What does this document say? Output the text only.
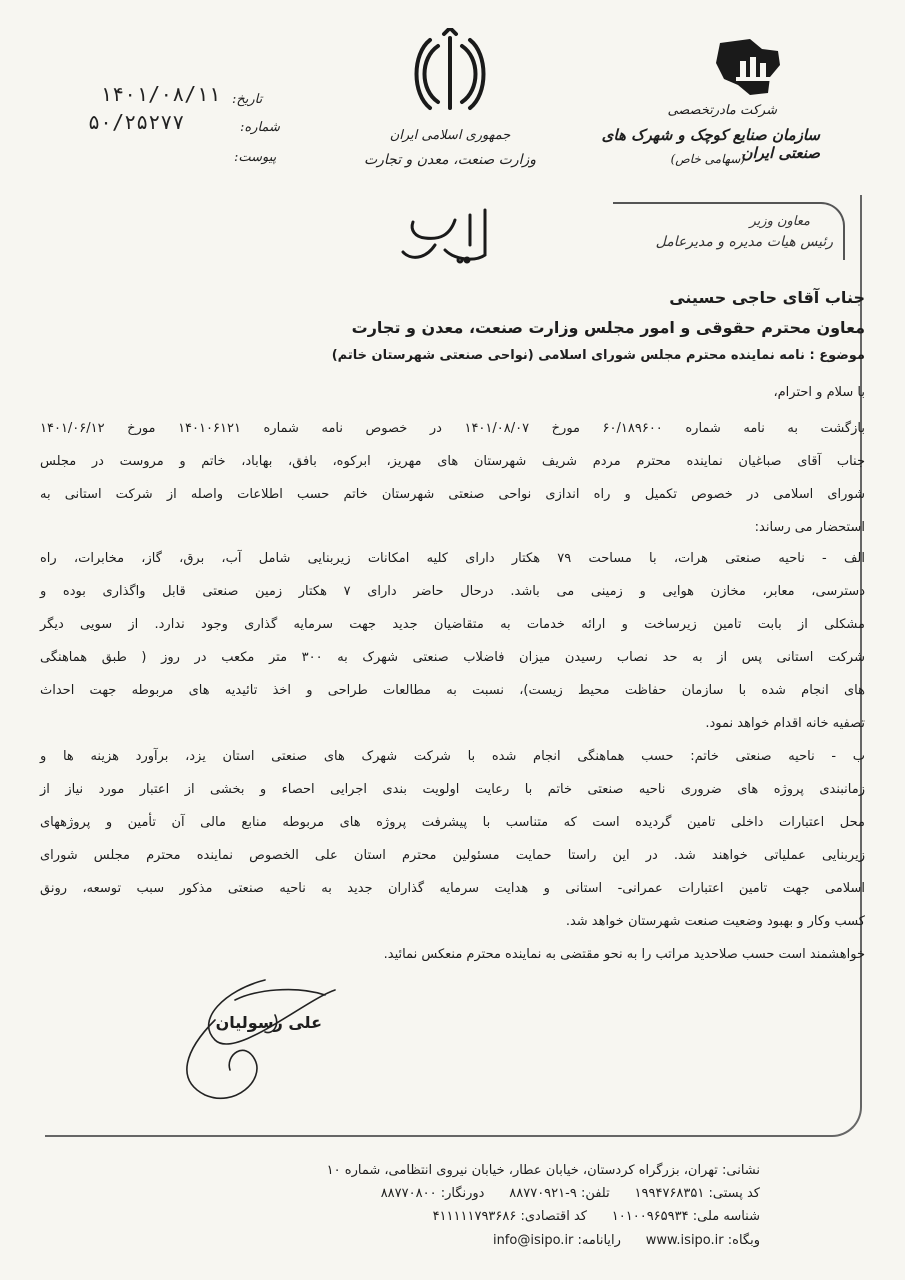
جمهوری اسلامی ایران
وزارت صنعت، معدن و تجارت
شرکت مادرتخصصی
سازمان صنایع کوچک و شهرک های صنعتی ایران
(سهامی خاص)
تاریخ:
شماره:
پیوست:
۱۴۰۱/۰۸/۱۱
۵۰/۲۵۲۷۷
معاون وزیر
رئیس هیات مدیره و مدیرعامل
جناب آقای حاجی حسینی
معاون محترم حقوقی و امور مجلس وزارت صنعت، معدن و تجارت
موضوع : نامه نماینده محترم مجلس شورای اسلامی (نواحی صنعتی شهرستان خاتم)
با سلام و احترام،
بازگشت به نامه شماره ۶۰/۱۸۹۶۰۰ مورخ ۱۴۰۱/۰۸/۰۷ در خصوص نامه شماره ۱۴۰۱۰۶۱۲۱ مورخ ۱۴۰۱/۰۶/۱۲
جناب آقای صباغیان نماینده محترم مردم شریف شهرستان های مهریز، ابرکوه، بافق، بهاباد، خاتم و مروست در مجلس
شورای اسلامی در خصوص تکمیل و راه اندازی نواحی صنعتی شهرستان خاتم حسب اطلاعات واصله از شرکت استانی به
استحضار می رساند:
الف - ناحیه صنعتی هرات، با مساحت ۷۹ هکتار دارای کلیه امکانات زیربنایی شامل آب، برق، گاز، مخابرات، راه
دسترسی، معابر، مخازن هوایی و زمینی می باشد. درحال حاضر دارای ۷ هکتار زمین صنعتی قابل واگذاری بوده و
مشکلی از بابت تامین زیرساخت و ارائه خدمات به متقاضیان جدید جهت سرمایه گذاری وجود ندارد. از سویی دیگر
شرکت استانی پس از به حد نصاب رسیدن میزان فاضلاب صنعتی شهرک به ۳۰۰ متر مکعب در روز ( طبق هماهنگی
های انجام شده با سازمان حفاظت محیط زیست)، نسبت به مطالعات طراحی و اخذ تائیدیه های مربوطه جهت احداث
تصفیه خانه اقدام خواهد نمود.
ب - ناحیه صنعتی خاتم: حسب هماهنگی انجام شده با شرکت شهرک های صنعتی استان یزد، برآورد هزینه ها و
زمانبندی پروژه های ضروری ناحیه صنعتی خاتم با رعایت اولویت بندی اجرایی احصاء و بخشی از اعتبار مورد نیاز از
محل اعتبارات داخلی تامین گردیده است که متناسب با پیشرفت پروژه های مربوطه منابع مالی آن تأمین و پروژههای
زیربنایی عملیاتی خواهند شد. در این راستا حمایت مسئولین محترم استان علی الخصوص نماینده محترم مجلس شورای
اسلامی جهت تامین اعتبارات عمرانی- استانی و هدایت سرمایه گذاران جدید به ناحیه صنعتی مذکور سبب توسعه، رونق
کسب وکار و بهبود وضعیت صنعت شهرستان خواهد شد.
خواهشمند است حسب صلاحدید مراتب را به نحو مقتضی به نماینده محترم منعکس نمائید.
علی رسولیان
نشانی: تهران، بزرگراه کردستان، خیابان عطار، خیابان نیروی انتظامی، شماره ۱۰
کد پستی: ۱۹۹۴۷۶۸۳۵۱      تلفن: ۹-۸۸۷۷۰۹۲۱      دورنگار: ۸۸۷۷۰۸۰۰
شناسه ملی: ۱۰۱۰۰۹۶۵۹۳۴      کد اقتصادی: ۴۱۱۱۱۱۷۹۳۶۸۶
وبگاه: www.isipo.ir      رایانامه: info@isipo.ir
